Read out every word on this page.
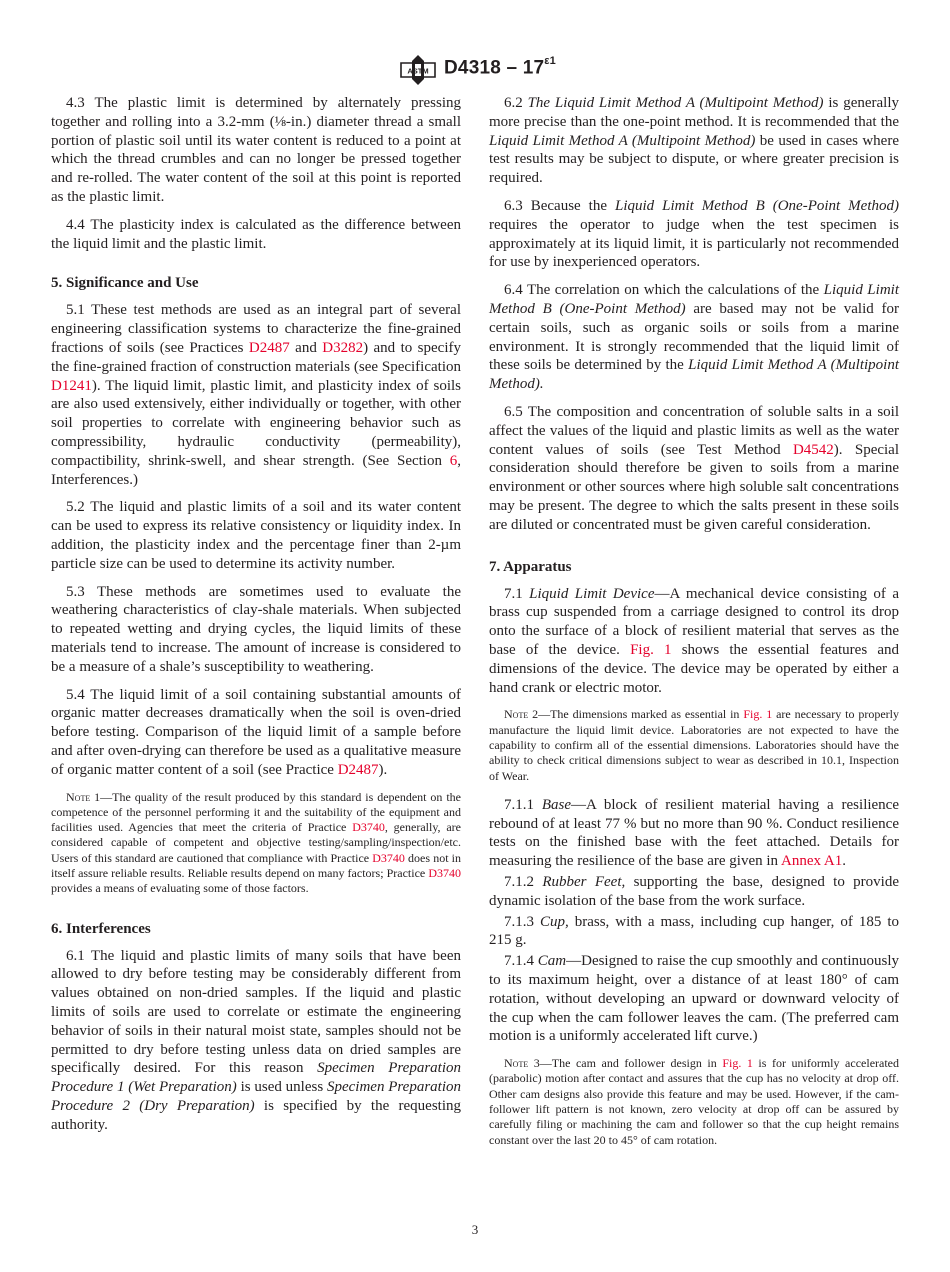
ASTM $D4318 - 17^{\varepsilon 1}$

4.3 The plastic limit is determined by alternately pressing together and rolling into a 3.2-mm (⅛-in.) diameter thread a small portion of plastic soil until its water content is reduced to a point at which the thread crumbles and can no longer be pressed together and re-rolled. The water content of the soil at this point is reported as the plastic limit.

4.4 The plasticity index is calculated as the difference between the liquid limit and the plastic limit.

5. Significance and Use

5.1 These test methods are used as an integral part of several engineering classification systems to characterize the fine-grained fractions of soils (see Practices D2487 and D3282) and to specify the fine-grained fraction of construction materials (see Specification D1241). The liquid limit, plastic limit, and plasticity index of soils are also used extensively, either individually or together, with other soil properties to correlate with engineering behavior such as compressibility, hydraulic conductivity (permeability), compactibility, shrink-swell, and shear strength. (See Section 6, Interferences.)

5.2 The liquid and plastic limits of a soil and its water content can be used to express its relative consistency or liquidity index. In addition, the plasticity index and the percentage finer than 2-µm particle size can be used to determine its activity number.

5.3 These methods are sometimes used to evaluate the weathering characteristics of clay-shale materials. When subjected to repeated wetting and drying cycles, the liquid limits of these materials tend to increase. The amount of increase is considered to be a measure of a shale’s susceptibility to weathering.

5.4 The liquid limit of a soil containing substantial amounts of organic matter decreases dramatically when the soil is oven-dried before testing. Comparison of the liquid limit of a sample before and after oven-drying can therefore be used as a qualitative measure of organic matter content of a soil (see Practice D2487).

Note 1—The quality of the result produced by this standard is dependent on the competence of the personnel performing it and the suitability of the equipment and facilities used. Agencies that meet the criteria of Practice D3740, generally, are considered capable of competent and objective testing/sampling/inspection/etc. Users of this standard are cautioned that compliance with Practice D3740 does not in itself assure reliable results. Reliable results depend on many factors; Practice D3740 provides a means of evaluating some of those factors.
6. Interferences

6.1 The liquid and plastic limits of many soils that have been allowed to dry before testing may be considerably different from values obtained on non-dried samples. If the liquid and plastic limits of soils are used to correlate or estimate the engineering behavior of soils in their natural moist state, samples should not be permitted to dry before testing unless data on dried samples are specifically desired. For this reason Specimen Preparation Procedure 1 (Wet Preparation) is used unless Specimen Preparation Procedure 2 (Dry Preparation) is specified by the requesting authority.

6.2 The Liquid Limit Method A (Multipoint Method) is generally more precise than the one-point method. It is recommended that the Liquid Limit Method A (Multipoint Method) be used in cases where test results may be subject to dispute, or where greater precision is required.

6.3 Because the Liquid Limit Method B (One-Point Method) requires the operator to judge when the test specimen is approximately at its liquid limit, it is particularly not recommended for use by inexperienced operators.

6.4 The correlation on which the calculations of the Liquid Limit Method B (One-Point Method) are based may not be valid for certain soils, such as organic soils or soils from a marine environment. It is strongly recommended that the liquid limit of these soils be determined by the Liquid Limit Method A (Multipoint Method).

6.5 The composition and concentration of soluble salts in a soil affect the values of the liquid and plastic limits as well as the water content values of soils (see Test Method D4542). Special consideration should therefore be given to soils from a marine environment or other sources where high soluble salt concentrations may be present. The degree to which the salts present in these soils are diluted or concentrated must be given careful consideration.

7. Apparatus

7.1 Liquid Limit Device—A mechanical device consisting of a brass cup suspended from a carriage designed to control its drop onto the surface of a block of resilient material that serves as the base of the device. Fig. 1 shows the essential features and dimensions of the device. The device may be operated by either a hand crank or electric motor.

Note 2—The dimensions marked as essential in Fig. 1 are necessary to properly manufacture the liquid limit device. Laboratories are not expected to have the capability to confirm all of the essential dimensions. Laboratories should have the ability to check critical dimensions subject to wear as described in 10.1, Inspection of Wear.

7.1.1 Base—A block of resilient material having a resilience rebound of at least 77 % but no more than 90 %. Conduct resilience tests on the finished base with the feet attached. Details for measuring the resilience of the base are given in Annex A1.

7.1.2 Rubber Feet, supporting the base, designed to provide dynamic isolation of the base from the work surface.

7.1.3 Cup, brass, with a mass, including cup hanger, of 185 to 215 g.

7.1.4 Cam—Designed to raise the cup smoothly and continuously to its maximum height, over a distance of at least 180° of cam rotation, without developing an upward or downward velocity of the cup when the cam follower leaves the cam. (The preferred cam motion is a uniformly accelerated lift curve.)

Note 3—The cam and follower design in Fig. 1 is for uniformly accelerated (parabolic) motion after contact and assures that the cup has no velocity at drop off. Other cam designs also provide this feature and may be used. However, if the cam-follower lift pattern is not known, zero velocity at drop off can be assured by carefully filing or machining the cam and follower so that the cup height remains constant over the last 20 to 45° of cam rotation.
3
